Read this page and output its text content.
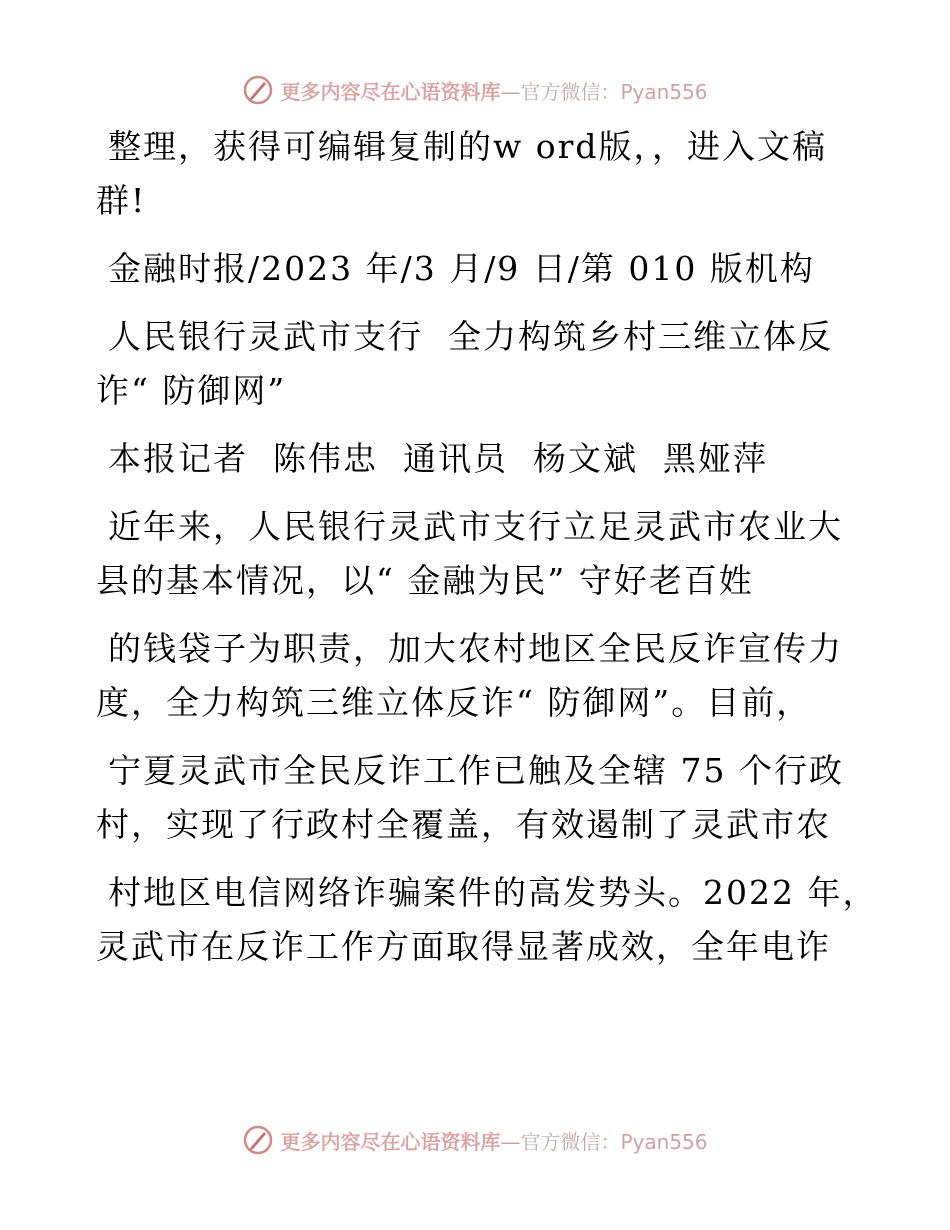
更多内容尽在心语资料库—官方微信：Pyan556
整理，获得可编辑复制的w ord版，，进入文稿
群!
金融时报/2023 年/3 月/9 日/第 010 版机构
人民银行灵武市支行  全力构筑乡村三维立体反
诈“ 防御网”
本报记者  陈伟忠  通讯员  杨文斌  黑娅萍
近年来，人民银行灵武市支行立足灵武市农业大
县的基本情况，以“ 金融为民” 守好老百姓
的钱袋子为职责，加大农村地区全民反诈宣传力
度，全力构筑三维立体反诈“ 防御网”。目前，
宁夏灵武市全民反诈工作已触及全辖 75 个行政
村，实现了行政村全覆盖，有效遏制了灵武市农
村地区电信网络诈骗案件的高发势头。2022 年，
灵武市在反诈工作方面取得显著成效，全年电诈
更多内容尽在心语资料库—官方微信：Pyan556
